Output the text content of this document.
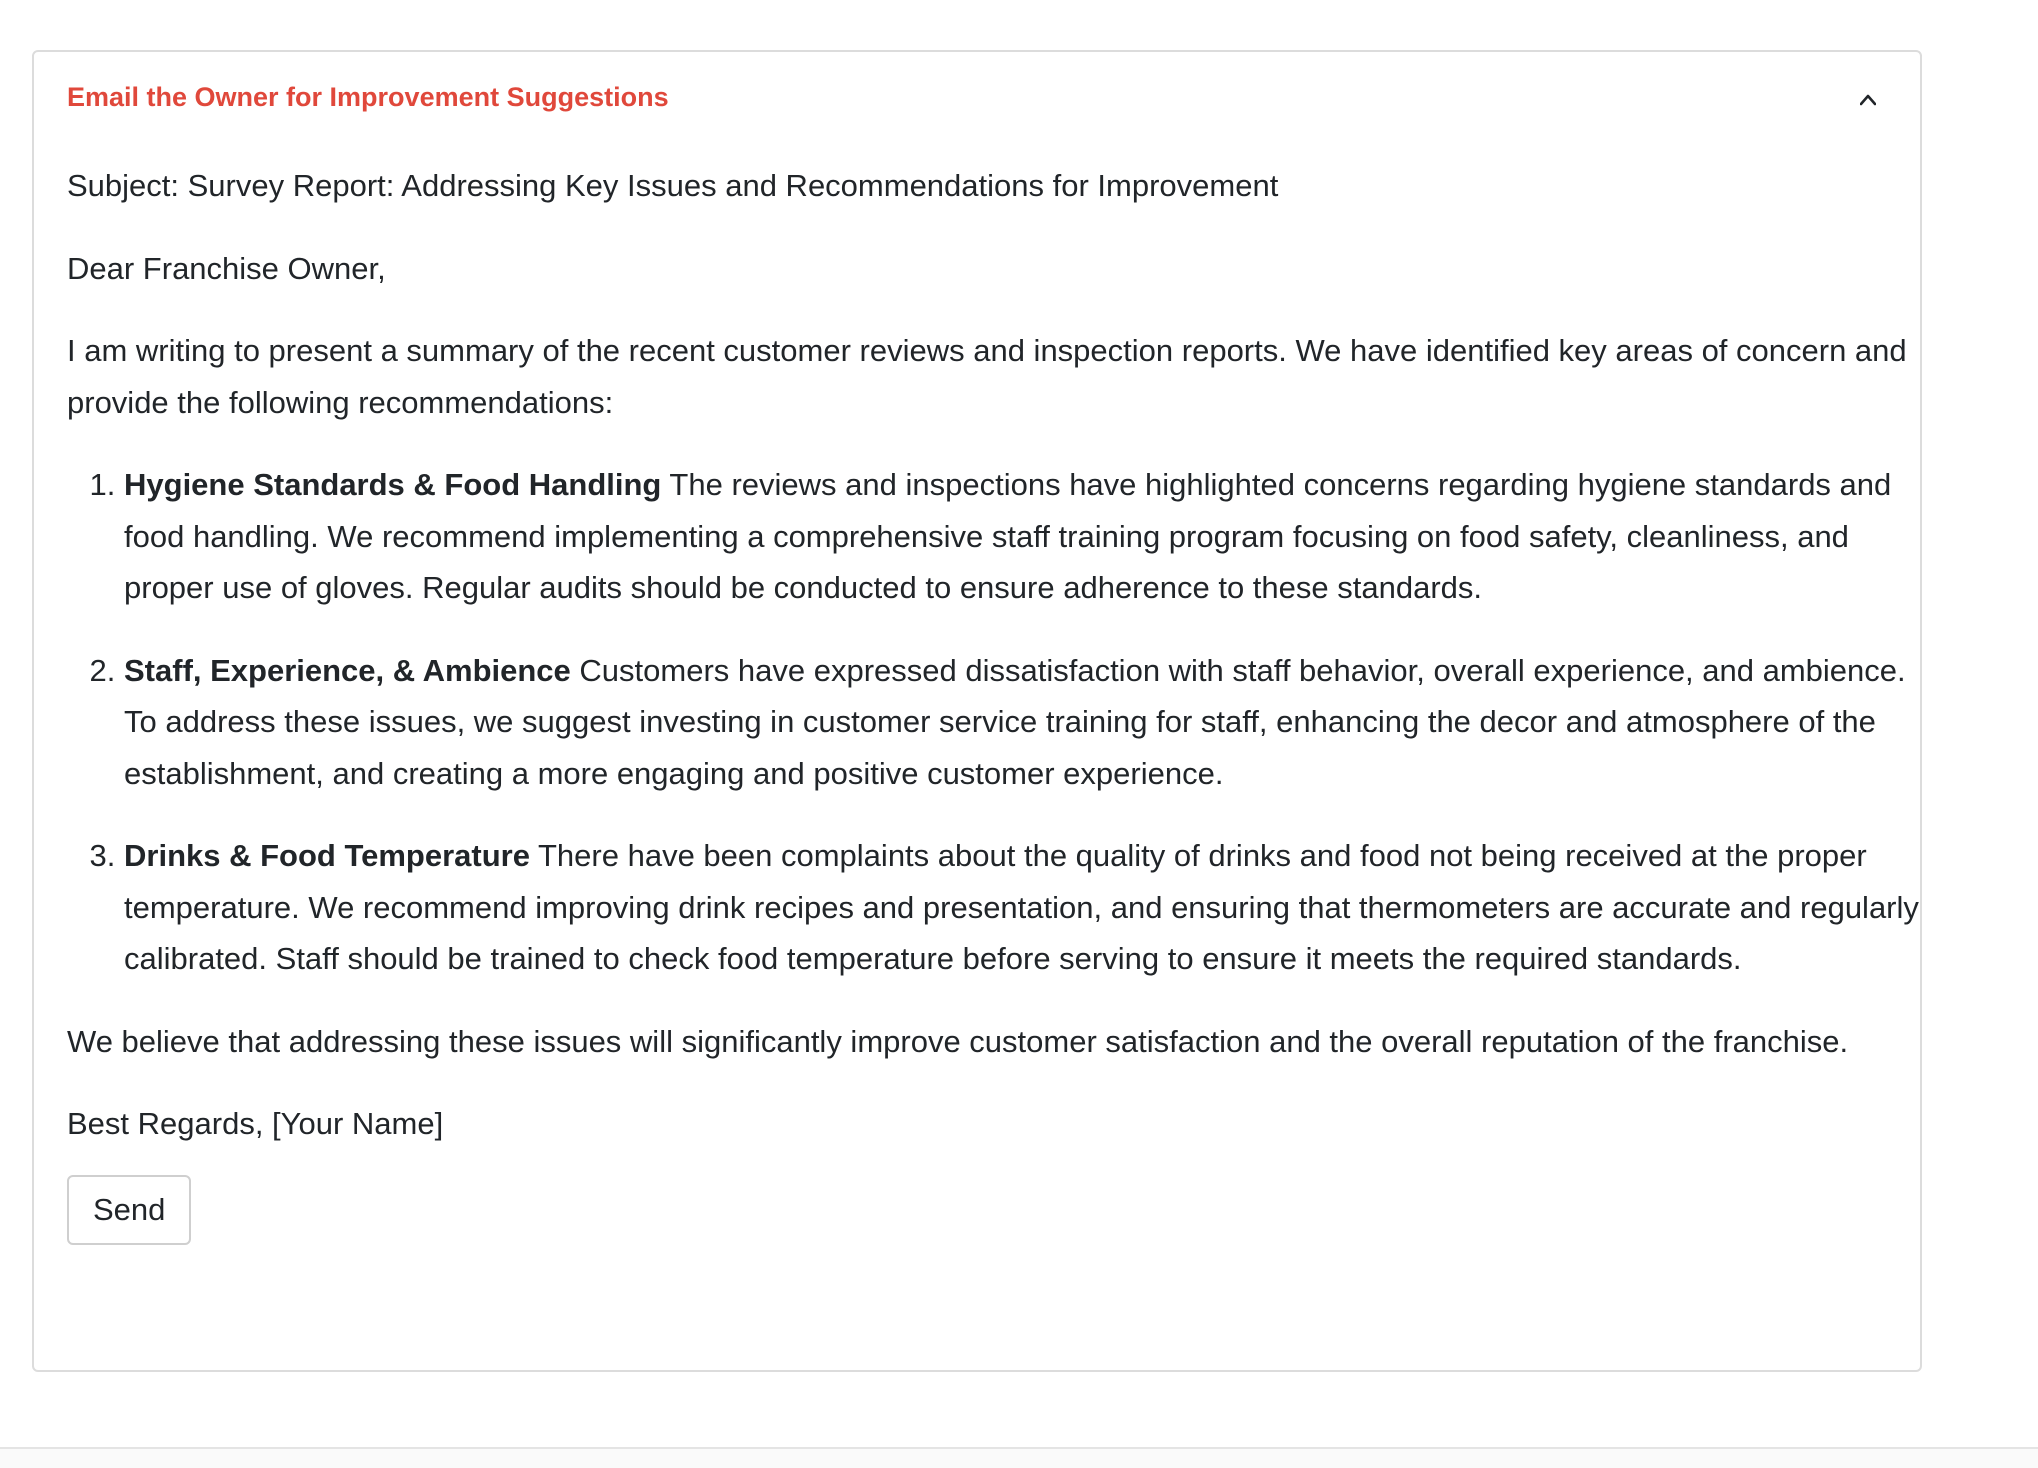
Email the Owner for Improvement Suggestions

Subject: Survey Report: Addressing Key Issues and Recommendations for Improvement

Dear Franchise Owner,

I am writing to present a summary of the recent customer reviews and inspection reports. We have identified key areas of concern and provide the following recommendations:

1. Hygiene Standards & Food Handling The reviews and inspections have highlighted concerns regarding hygiene standards and food handling. We recommend implementing a comprehensive staff training program focusing on food safety, cleanliness, and proper use of gloves. Regular audits should be conducted to ensure adherence to these standards.
2. Staff, Experience, & Ambience Customers have expressed dissatisfaction with staff behavior, overall experience, and ambience. To address these issues, we suggest investing in customer service training for staff, enhancing the decor and atmosphere of the establishment, and creating a more engaging and positive customer experience.
3. Drinks & Food Temperature There have been complaints about the quality of drinks and food not being received at the proper temperature. We recommend improving drink recipes and presentation, and ensuring that thermometers are accurate and regularly calibrated. Staff should be trained to check food temperature before serving to ensure it meets the required standards.

We believe that addressing these issues will significantly improve customer satisfaction and the overall reputation of the franchise.

Best Regards, [Your Name]

Send
